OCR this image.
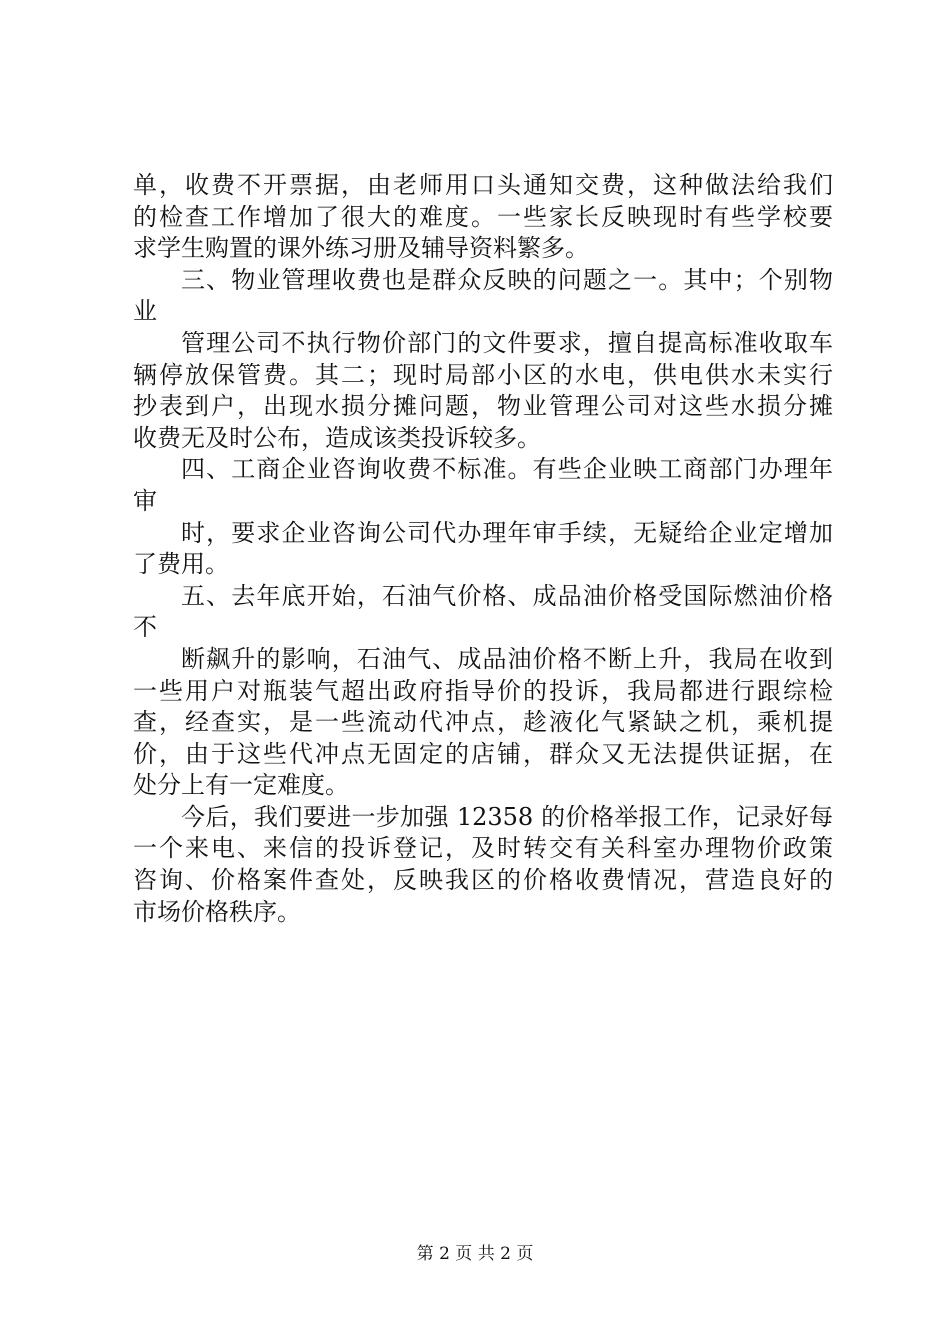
单，收费不开票据，由老师用口头通知交费，这种做法给我们
的检查工作增加了很大的难度。一些家长反映现时有些学校要
求学生购置的课外练习册及辅导资料繁多。
三、物业管理收费也是群众反映的问题之一。其中；个别物
业
管理公司不执行物价部门的文件要求，擅自提高标准收取车
辆停放保管费。其二；现时局部小区的水电，供电供水未实行
抄表到户，出现水损分摊问题，物业管理公司对这些水损分摊
收费无及时公布，造成该类投诉较多。
四、工商企业咨询收费不标准。有些企业映工商部门办理年
审
时，要求企业咨询公司代办理年审手续，无疑给企业定增加
了费用。
五、去年底开始，石油气价格、成品油价格受国际燃油价格
不
断飙升的影响，石油气、成品油价格不断上升，我局在收到
一些用户对瓶装气超出政府指导价的投诉，我局都进行跟综检
查，经查实，是一些流动代冲点，趁液化气紧缺之机，乘机提
价，由于这些代冲点无固定的店铺，群众又无法提供证据，在
处分上有一定难度。
今后，我们要进一步加强 12358 的价格举报工作，记录好每
一个来电、来信的投诉登记，及时转交有关科室办理物价政策
咨询、价格案件查处，反映我区的价格收费情况，营造良好的
市场价格秩序。
第 2 页 共 2 页
